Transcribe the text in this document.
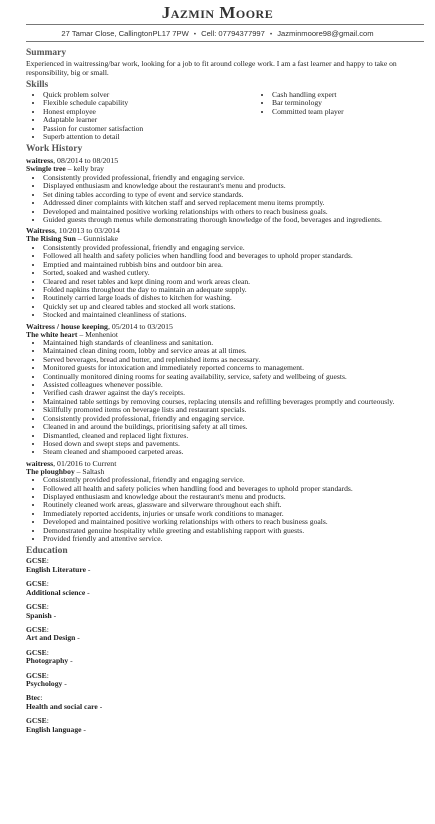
Jazmin Moore
27 Tamar Close, CallingtonPL17 7PW • Cell: 07794377997 • Jazminmoore98@gmail.com
Summary

Experienced in waitressing/bar work, looking for a job to fit around college work. I am a fast learner and happy to take on responsibility, big or small.

Skills
• Quick problem solver
• Flexible schedule capability
• Honest employee
• Adaptable learner
• Passion for customer satisfaction
• Superb attention to detail
• Cash handling expert
• Bar terminology
• Committed team player
Work History
waitress, 08/2014 to 08/2015
Swingle tree – kelly bray
• Consistently provided professional, friendly and engaging service.
• Displayed enthusiasm and knowledge about the restaurant's menu and products.
• Set dining tables according to type of event and service standards.
• Addressed diner complaints with kitchen staff and served replacement menu items promptly.
• Developed and maintained positive working relationships with others to reach business goals.
• Guided guests through menus while demonstrating thorough knowledge of the food, beverages and ingredients.
Waitress, 10/2013 to 03/2014
The Rising Sun – Gunnislake
• Consistently provided professional, friendly and engaging service.
• Followed all health and safety policies when handling food and beverages to uphold proper standards.
• Emptied and maintained rubbish bins and outdoor bin area.
• Sorted, soaked and washed cutlery.
• Cleared and reset tables and kept dining room and work areas clean.
• Folded napkins throughout the day to maintain an adequate supply.
• Routinely carried large loads of dishes to kitchen for washing.
• Quickly set up and cleared tables and stocked all work stations.
• Stocked and maintained cleanliness of stations.
Waitress / house keeping, 05/2014 to 03/2015
The white heart – Menheniot
• Maintained high standards of cleanliness and sanitation.
• Maintained clean dining room, lobby and service areas at all times.
• Served beverages, bread and butter, and replenished items as necessary.
• Monitored guests for intoxication and immediately reported concerns to management.
• Continually monitored dining rooms for seating availability, service, safety and wellbeing of guests.
• Assisted colleagues whenever possible.
• Verified cash drawer against the day's receipts.
• Maintained table settings by removing courses, replacing utensils and refilling beverages promptly and courteously.
• Skillfully promoted items on beverage lists and restaurant specials.
• Consistently provided professional, friendly and engaging service.
• Cleaned in and around the buildings, prioritising safety at all times.
• Dismantled, cleaned and replaced light fixtures.
• Hosed down and swept steps and pavements.
• Steam cleaned and shampooed carpeted areas.
waitress, 01/2016 to Current
The ploughboy – Saltash
• Consistently provided professional, friendly and engaging service.
• Followed all health and safety policies when handling food and beverages to uphold proper standards.
• Displayed enthusiasm and knowledge about the restaurant's menu and products.
• Routinely cleaned work areas, glassware and silverware throughout each shift.
• Immediately reported accidents, injuries or unsafe work conditions to manager.
• Developed and maintained positive working relationships with others to reach business goals.
• Demonstrated genuine hospitality while greeting and establishing rapport with guests.
• Provided friendly and attentive service.
Education
GCSE:
English Literature -
GCSE:
Additional science -
GCSE:
Spanish -
GCSE:
Art and Design -
GCSE:
Photography -
GCSE:
Psychology -
Btec:
Health and social care -
GCSE:
English language -
